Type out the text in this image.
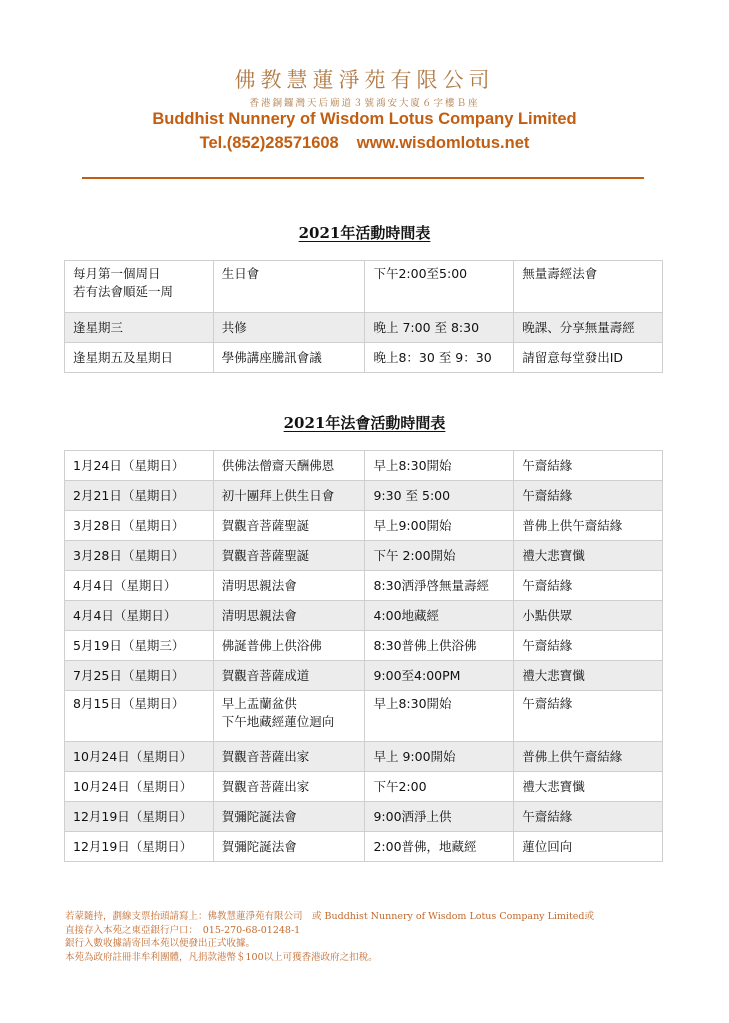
佛教慧蓮淨苑有限公司
香港銅鑼灣天后廟道３號鴻安大廈６字樓Ｂ座
Buddhist Nunnery of Wisdom Lotus Company Limited
Tel.(852)28571608 www.wisdomlotus.net
2021年活動時間表
每月第一個周日
若有法會順延一周	生日會	下午2:00至5:00	無量壽經法會

逢星期三	共修	晚上 7:00 至 8:30	晚課、分享無量壽經

逢星期五及星期日	學佛講座騰訊會議	晚上8：30 至 9：30	請留意每堂發出ID
2021年法會活動時間表
1月24日（星期日）	供佛法僧齋天酬佛恩	早上8:30開始	午齋結緣
2月21日（星期日）	初十團拜上供生日會	9:30 至 5:00	午齋結緣
3月28日（星期日）	賀觀音菩薩聖誕	早上9:00開始	普佛上供午齋結緣
3月28日（星期日）	賀觀音菩薩聖誕	下午 2:00開始	禮大悲寶懺
4月4日（星期日）	清明思親法會	8:30洒淨啓無量壽經	午齋結緣
4月4日（星期日）	清明思親法會	4:00地藏經	小點供眾
5月19日（星期三）	佛誕普佛上供浴佛	8:30普佛上供浴佛	午齋結緣
7月25日（星期日）	賀觀音菩薩成道	9:00至4:00PM	禮大悲寶懺
8月15日（星期日）	早上盂蘭盆供
下午地藏經蓮位迴向	早上8:30開始	午齋結緣
10月24日（星期日）	賀觀音菩薩出家	早上 9:00開始	普佛上供午齋結緣
10月24日（星期日）	賀觀音菩薩出家	下午2:00	禮大悲寶懺
12月19日（星期日）	賀彌陀誕法會	9:00洒淨上供	午齋結緣
12月19日（星期日）	賀彌陀誕法會	2:00普佛，地藏經	蓮位回向
若蒙隨持，劃線支票抬頭請寫上：佛教慧蓮淨苑有限公司　或 Buddhist Nunnery of Wisdom Lotus Company Limited或
直接存入本苑之東亞銀行户口：　015-270-68-01248-1
銀行入數收據請寄回本苑以便發出正式收據。
本苑為政府註冊非牟利團體，凡捐款港幣＄100以上可獲香港政府之扣稅。
